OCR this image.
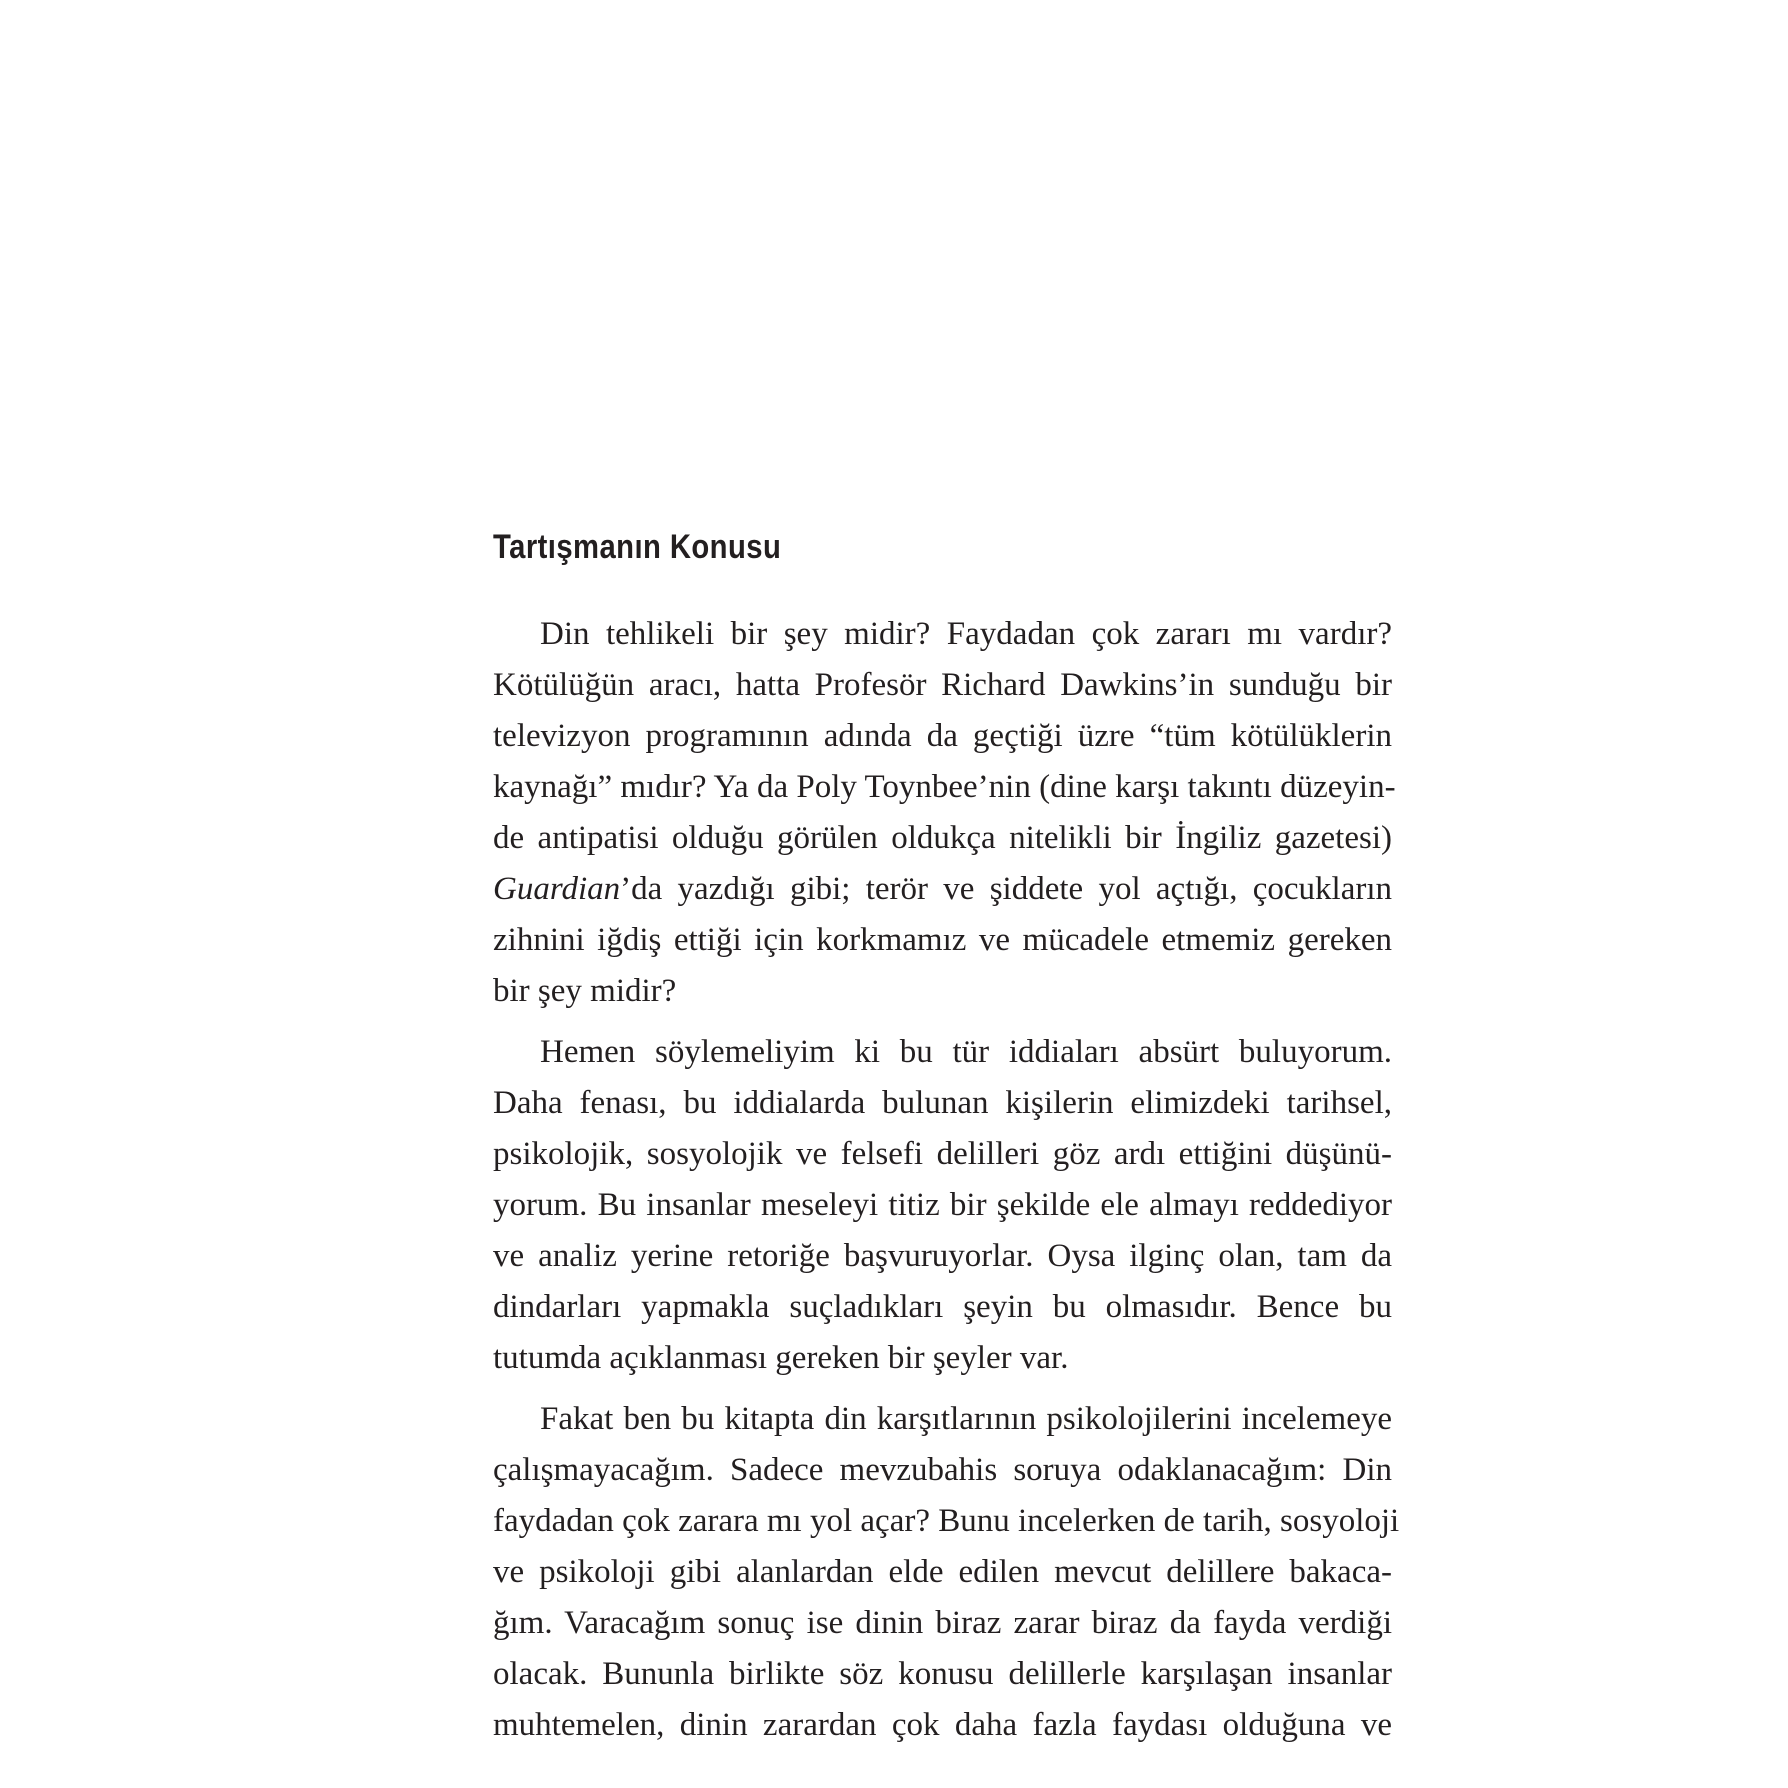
Tartışmanın Konusu

Din tehlikeli bir şey midir? Faydadan çok zararı mı vardır?
Kötülüğün aracı, hatta Profesör Richard Dawkins’in sunduğu bir
televizyon programının adında da geçtiği üzre “tüm kötülüklerin
kaynağı” mıdır? Ya da Poly Toynbee’nin (dine karşı takıntı düzeyin-
de antipatisi olduğu görülen oldukça nitelikli bir İngiliz gazetesi)
Guardian’da yazdığı gibi; terör ve şiddete yol açtığı, çocukların
zihnini iğdiş ettiği için korkmamız ve mücadele etmemiz gereken
bir şey midir?

Hemen söylemeliyim ki bu tür iddiaları absürt buluyorum.
Daha fenası, bu iddialarda bulunan kişilerin elimizdeki tarihsel,
psikolojik, sosyolojik ve felsefi delilleri göz ardı ettiğini düşünü-
yorum. Bu insanlar meseleyi titiz bir şekilde ele almayı reddediyor
ve analiz yerine retoriğe başvuruyorlar. Oysa ilginç olan, tam da
dindarları yapmakla suçladıkları şeyin bu olmasıdır. Bence bu
tutumda açıklanması gereken bir şeyler var.

Fakat ben bu kitapta din karşıtlarının psikolojilerini incelemeye
çalışmayacağım. Sadece mevzubahis soruya odaklanacağım: Din
faydadan çok zarara mı yol açar? Bunu incelerken de tarih, sosyoloji
ve psikoloji gibi alanlardan elde edilen mevcut delillere bakaca-
ğım. Varacağım sonuç ise dinin biraz zarar biraz da fayda verdiği
olacak. Bununla birlikte söz konusu delillerle karşılaşan insanlar
muhtemelen, dinin zarardan çok daha fazla faydası olduğuna ve
